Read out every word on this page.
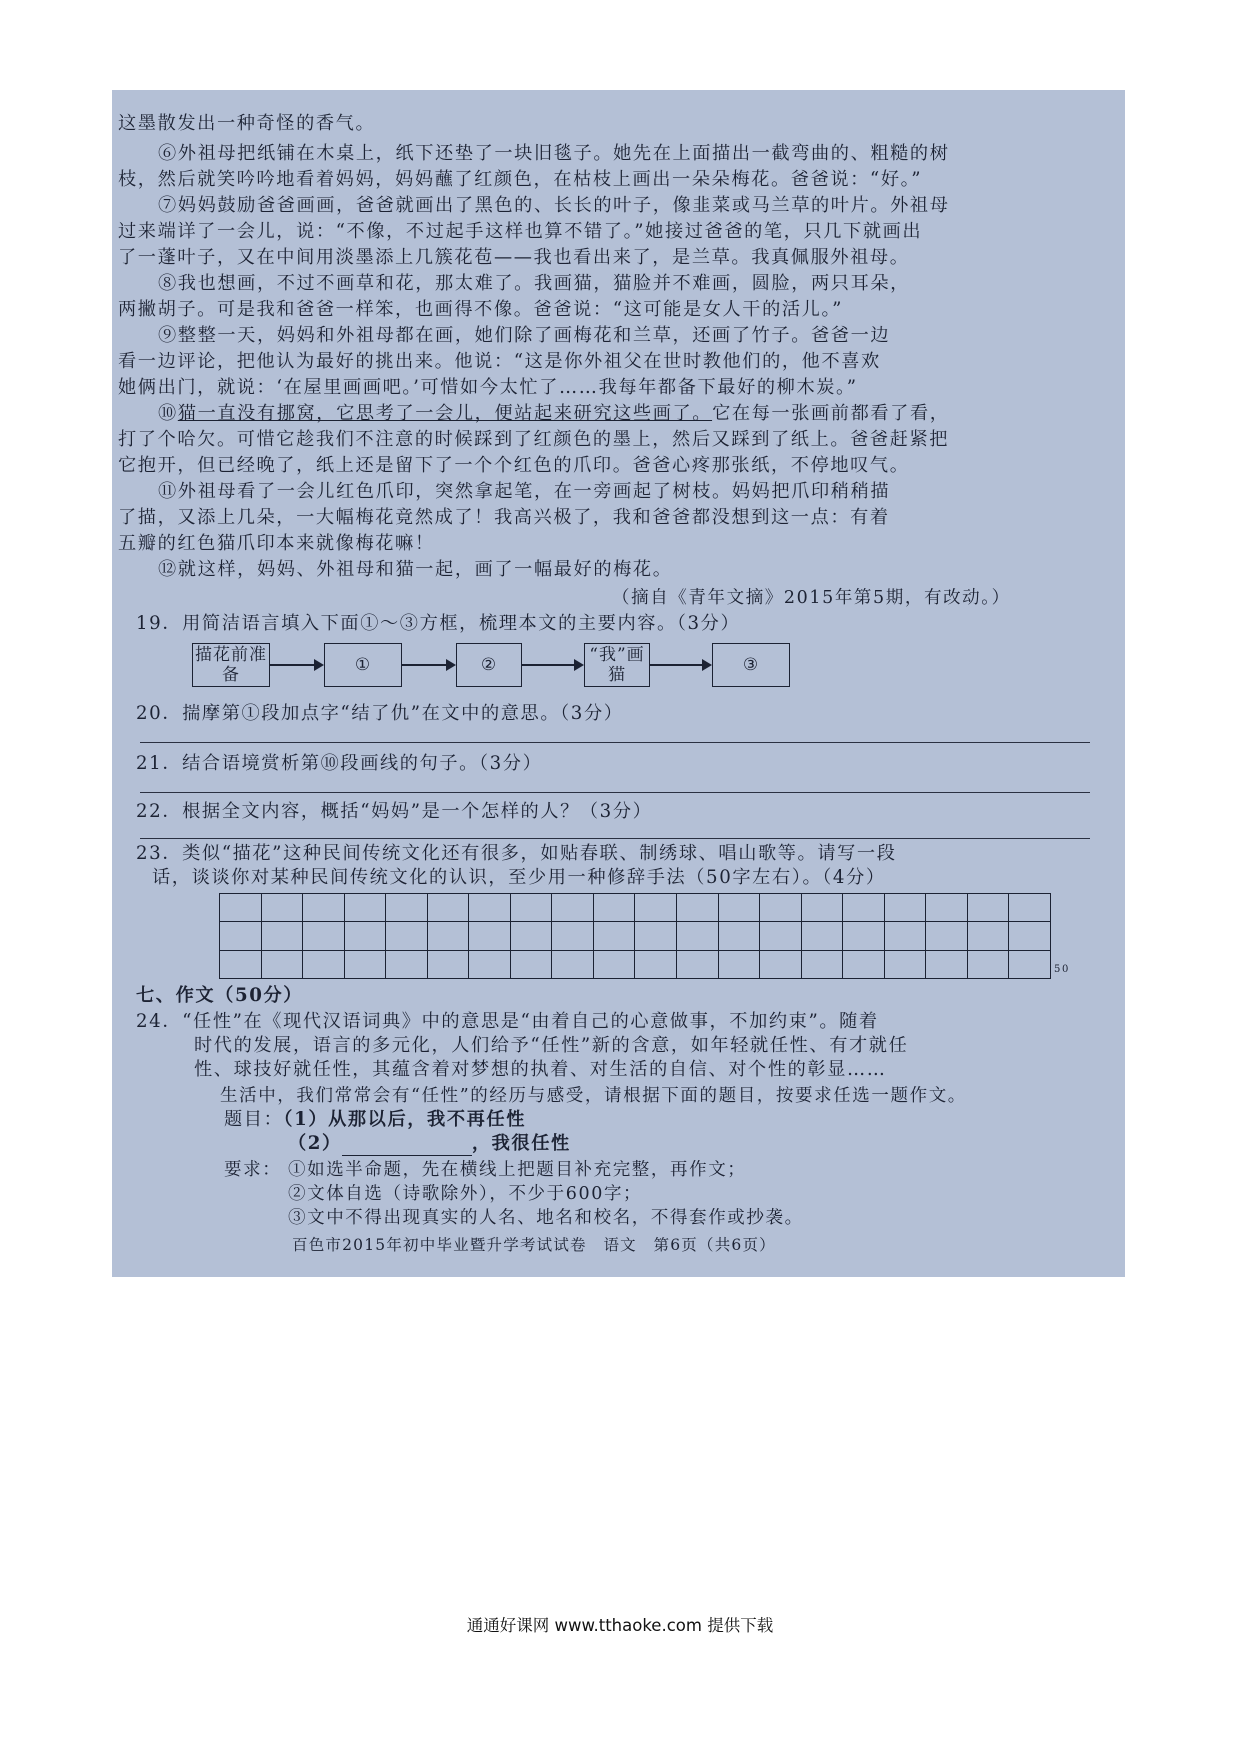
这墨散发出一种奇怪的香气。
⑥外祖母把纸铺在木桌上，纸下还垫了一块旧毯子。她先在上面描出一截弯曲的、粗糙的树
枝，然后就笑吟吟地看着妈妈，妈妈蘸了红颜色，在枯枝上画出一朵朵梅花。爸爸说：“好。”
⑦妈妈鼓励爸爸画画，爸爸就画出了黑色的、长长的叶子，像韭菜或马兰草的叶片。外祖母
过来端详了一会儿，说：“不像，不过起手这样也算不错了。”她接过爸爸的笔，只几下就画出
了一蓬叶子，又在中间用淡墨添上几簇花苞——我也看出来了，是兰草。我真佩服外祖母。
⑧我也想画，不过不画草和花，那太难了。我画猫，猫脸并不难画，圆脸，两只耳朵，
两撇胡子。可是我和爸爸一样笨，也画得不像。爸爸说：“这可能是女人干的活儿。”
⑨整整一天，妈妈和外祖母都在画，她们除了画梅花和兰草，还画了竹子。爸爸一边
看一边评论，把他认为最好的挑出来。他说：“这是你外祖父在世时教他们的，他不喜欢
她俩出门，就说：‘在屋里画画吧。’可惜如今太忙了……我每年都备下最好的柳木炭。”
⑩猫一直没有挪窝，它思考了一会儿，便站起来研究这些画了。它在每一张画前都看了看，
打了个哈欠。可惜它趁我们不注意的时候踩到了红颜色的墨上，然后又踩到了纸上。爸爸赶紧把
它抱开，但已经晚了，纸上还是留下了一个个红色的爪印。爸爸心疼那张纸，不停地叹气。
⑪外祖母看了一会儿红色爪印，突然拿起笔，在一旁画起了树枝。妈妈把爪印稍稍描
了描，又添上几朵，一大幅梅花竟然成了！我高兴极了，我和爸爸都没想到这一点：有着
五瓣的红色猫爪印本来就像梅花嘛！
⑫就这样，妈妈、外祖母和猫一起，画了一幅最好的梅花。
（摘自《青年文摘》2015年第5期，有改动。）
19．用简洁语言填入下面①～③方框，梳理本文的主要内容。（3分）
描花前准备	①	②	“我”画猫	③
20．揣摩第①段加点字“结了仇”在文中的意思。（3分）
21．结合语境赏析第⑩段画线的句子。（3分）
22．根据全文内容，概括“妈妈”是一个怎样的人？（3分）
23．类似“描花”这种民间传统文化还有很多，如贴春联、制绣球、唱山歌等。请写一段
话，谈谈你对某种民间传统文化的认识，至少用一种修辞手法（50字左右）。（4分）
50
七、作文（50分）
24．“任性”在《现代汉语词典》中的意思是“由着自己的心意做事，不加约束”。随着
时代的发展，语言的多元化，人们给予“任性”新的含意，如年轻就任性、有才就任
性、球技好就任性，其蕴含着对梦想的执着、对生活的自信、对个性的彰显……
生活中，我们常常会有“任性”的经历与感受，请根据下面的题目，按要求任选一题作文。
题目：（1）从那以后，我不再任性
（2）	，我很任性
要求： ①如选半命题，先在横线上把题目补充完整，再作文；
②文体自选（诗歌除外），不少于600字；
③文中不得出现真实的人名、地名和校名，不得套作或抄袭。
百色市2015年初中毕业暨升学考试试卷　语文　第6页（共6页）
通通好课网 www.tthaoke.com 提供下载
